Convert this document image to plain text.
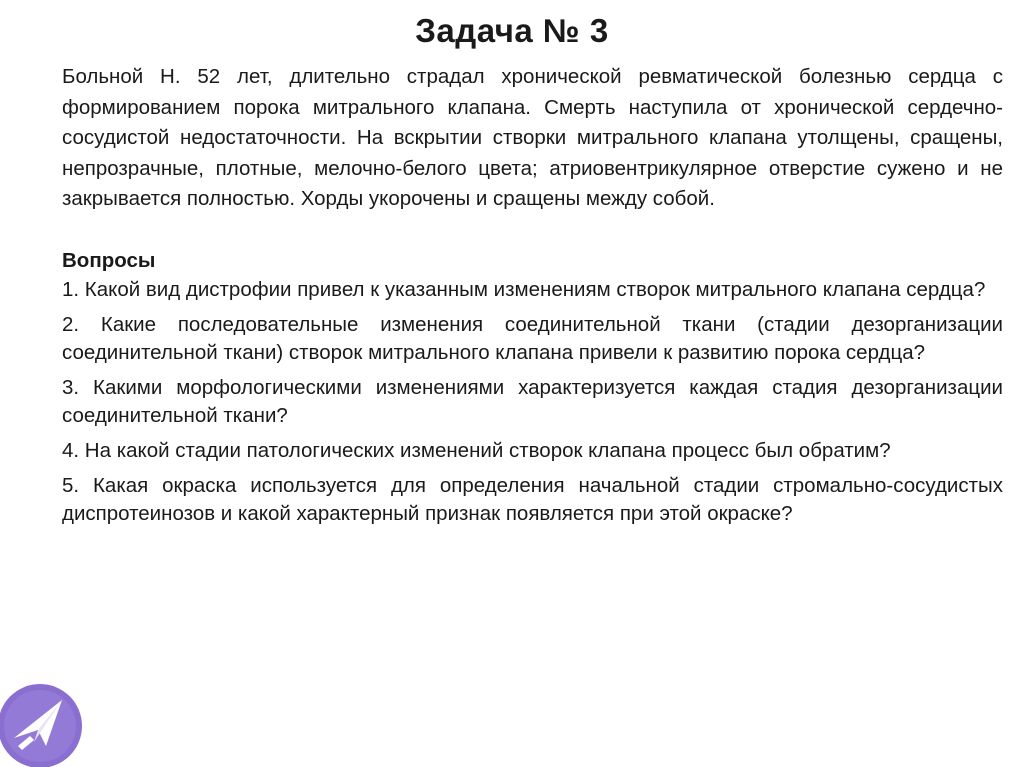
Задача № 3

Больной Н. 52 лет, длительно страдал хронической ревматической болезнью сердца с формированием порока митрального клапана. Смерть наступила от хронической сердечно-сосудистой недостаточности. На вскрытии створки митрального клапана утолщены, сращены, непрозрачные, плотные, мелочно-белого цвета; атриовентрикулярное отверстие сужено и не закрывается полностью. Хорды укорочены и сращены между собой.

Вопросы

1. Какой вид дистрофии привел к указанным изменениям створок митрального клапана сердца?

2. Какие последовательные изменения соединительной ткани (стадии дезорганизации соединительной ткани) створок митрального клапана привели к развитию порока сердца?

3. Какими морфологическими изменениями характеризуется каждая стадия дезорганизации соединительной ткани?

4. На какой стадии патологических изменений створок клапана процесс был обратим?

5. Какая окраска используется для определения начальной стадии стромально-сосудистых диспротеинозов и какой характерный признак появляется при этой окраске?
